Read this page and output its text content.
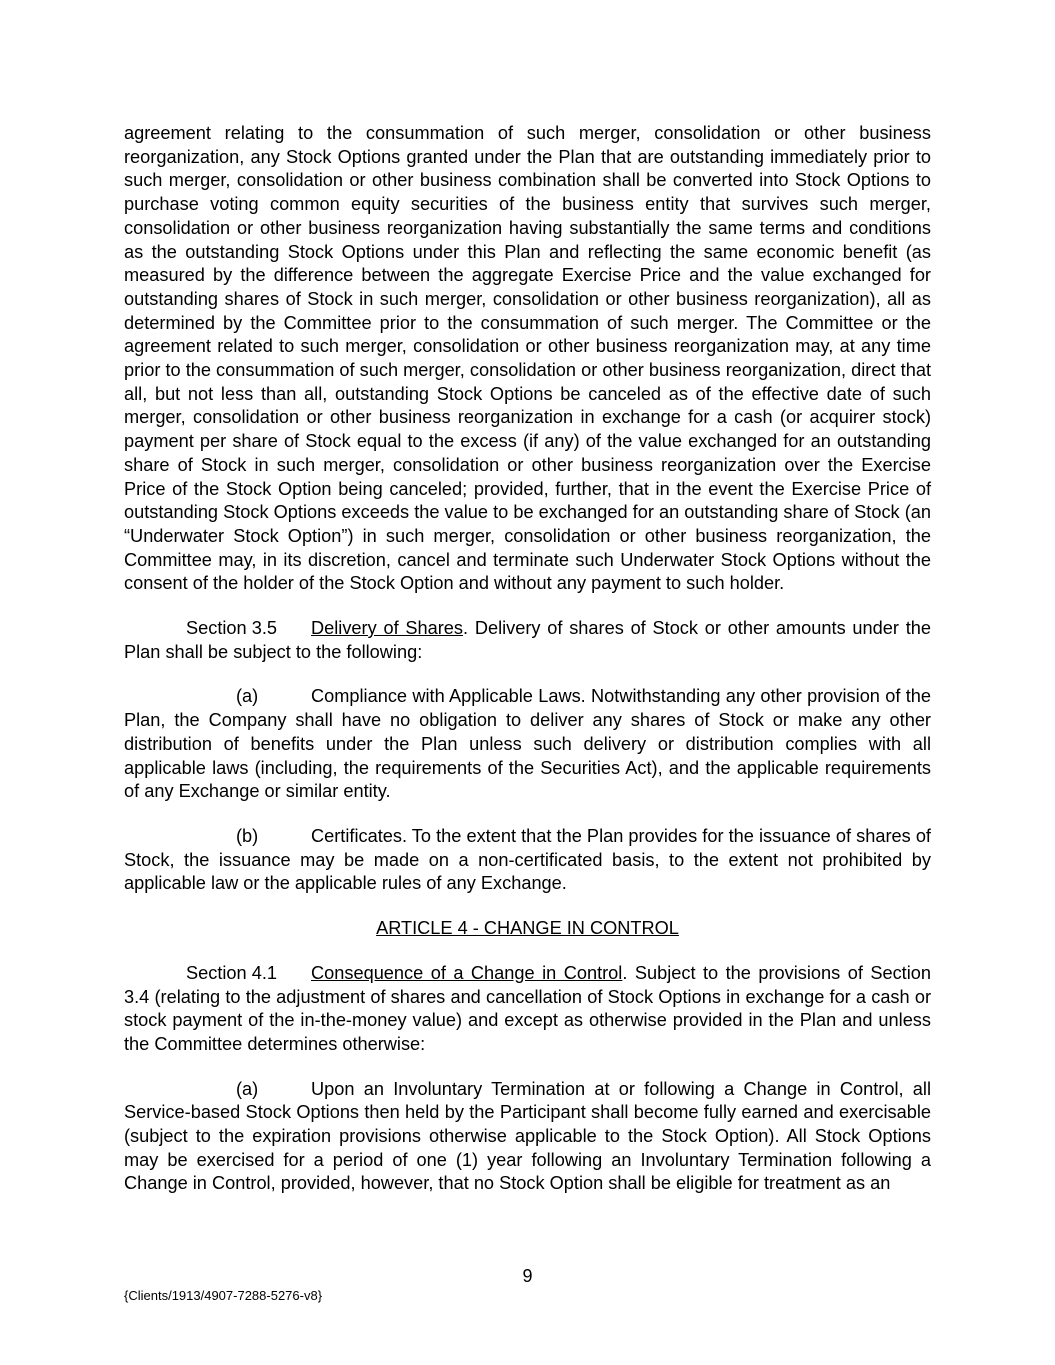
agreement relating to the consummation of such merger, consolidation or other business reorganization, any Stock Options granted under the Plan that are outstanding immediately prior to such merger, consolidation or other business combination shall be converted into Stock Options to purchase voting common equity securities of the business entity that survives such merger, consolidation or other business reorganization having substantially the same terms and conditions as the outstanding Stock Options under this Plan and reflecting the same economic benefit (as measured by the difference between the aggregate Exercise Price and the value exchanged for outstanding shares of Stock in such merger, consolidation or other business reorganization), all as determined by the Committee prior to the consummation of such merger. The Committee or the agreement related to such merger, consolidation or other business reorganization may, at any time prior to the consummation of such merger, consolidation or other business reorganization, direct that all, but not less than all, outstanding Stock Options be canceled as of the effective date of such merger, consolidation or other business reorganization in exchange for a cash (or acquirer stock) payment per share of Stock equal to the excess (if any) of the value exchanged for an outstanding share of Stock in such merger, consolidation or other business reorganization over the Exercise Price of the Stock Option being canceled; provided, further, that in the event the Exercise Price of outstanding Stock Options exceeds the value to be exchanged for an outstanding share of Stock (an “Underwater Stock Option”) in such merger, consolidation or other business reorganization, the Committee may, in its discretion, cancel and terminate such Underwater Stock Options without the consent of the holder of the Stock Option and without any payment to such holder.

Section 3.5 Delivery of Shares. Delivery of shares of Stock or other amounts under the Plan shall be subject to the following:

(a)	Compliance with Applicable Laws. Notwithstanding any other provision of the Plan, the Company shall have no obligation to deliver any shares of Stock or make any other distribution of benefits under the Plan unless such delivery or distribution complies with all applicable laws (including, the requirements of the Securities Act), and the applicable requirements of any Exchange or similar entity.

(b)	Certificates. To the extent that the Plan provides for the issuance of shares of Stock, the issuance may be made on a non-certificated basis, to the extent not prohibited by applicable law or the applicable rules of any Exchange.

ARTICLE 4 - CHANGE IN CONTROL

Section 4.1 Consequence of a Change in Control. Subject to the provisions of Section 3.4 (relating to the adjustment of shares and cancellation of Stock Options in exchange for a cash or stock payment of the in-the-money value) and except as otherwise provided in the Plan and unless the Committee determines otherwise:

(a)	Upon an Involuntary Termination at or following a Change in Control, all Service-based Stock Options then held by the Participant shall become fully earned and exercisable (subject to the expiration provisions otherwise applicable to the Stock Option). All Stock Options may be exercised for a period of one (1) year following an Involuntary Termination following a Change in Control, provided, however, that no Stock Option shall be eligible for treatment as an

9
{Clients/1913/4907-7288-5276-v8}
